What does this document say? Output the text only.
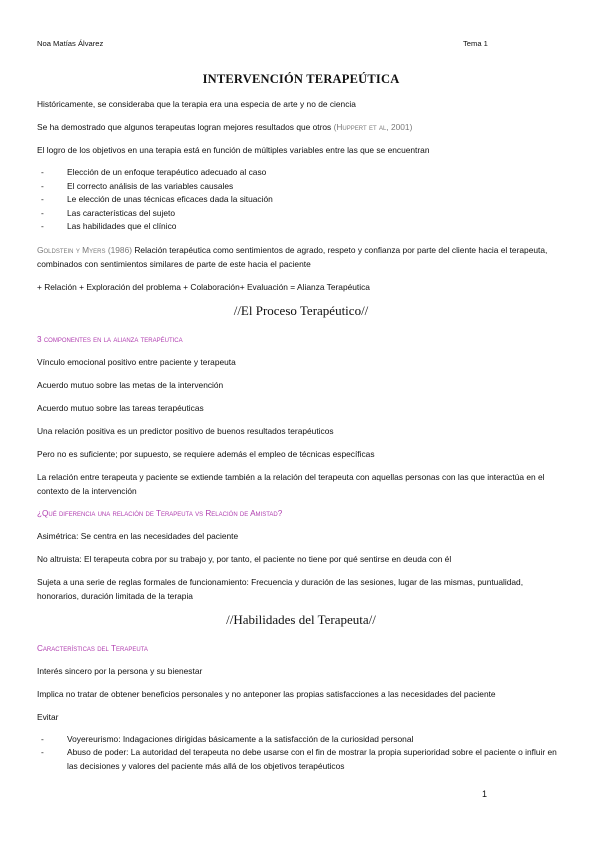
Noa Matías Álvarez	Tema 1
INTERVENCIÓN TERAPEÚTICA

Históricamente, se consideraba que la terapia era una especia de arte y no de ciencia

Se ha demostrado que algunos terapeutas logran mejores resultados que otros (Huppert et al, 2001)

El logro de los objetivos en una terapia está en función de múltiples variables entre las que se encuentran

- Elección de un enfoque terapéutico adecuado al caso
- El correcto análisis de las variables causales
- Le elección de unas técnicas eficaces dada la situación
- Las características del sujeto
- Las habilidades que el clínico

Goldstein y Myers (1986) Relación terapéutica como sentimientos de agrado, respeto y confianza por parte del cliente hacia el terapeuta, combinados con sentimientos similares de parte de este hacia el paciente

+ Relación + Exploración del problema + Colaboración+ Evaluación = Alianza Terapéutica

//El Proceso Terapéutico//
3 componentes en la alianza terapéutica

Vínculo emocional positivo entre paciente y terapeuta

Acuerdo mutuo sobre las metas de la intervención

Acuerdo mutuo sobre las tareas terapéuticas

Una relación positiva es un predictor positivo de buenos resultados terapéuticos

Pero no es suficiente; por supuesto, se requiere además el empleo de técnicas específicas

La relación entre terapeuta y paciente se extiende también a la relación del terapeuta con aquellas personas con las que interactúa en el contexto de la intervención

¿Qué diferencia una relación de Terapeuta vs Relación de Amistad?

Asimétrica: Se centra en las necesidades del paciente

No altruista: El terapeuta cobra por su trabajo y, por tanto, el paciente no tiene por qué sentirse en deuda con él

Sujeta a una serie de reglas formales de funcionamiento: Frecuencia y duración de las sesiones, lugar de las mismas, puntualidad, honorarios, duración limitada de la terapia

//Habilidades del Terapeuta//
Características del Terapeuta

Interés sincero por la persona y su bienestar

Implica no tratar de obtener beneficios personales y no anteponer las propias satisfacciones a las necesidades del paciente

Evitar

- Voyereurismo: Indagaciones dirigidas básicamente a la satisfacción de la curiosidad personal
- Abuso de poder: La autoridad del terapeuta no debe usarse con el fin de mostrar la propia superioridad sobre el paciente o influir en las decisiones y valores del paciente más allá de los objetivos terapéuticos
1
